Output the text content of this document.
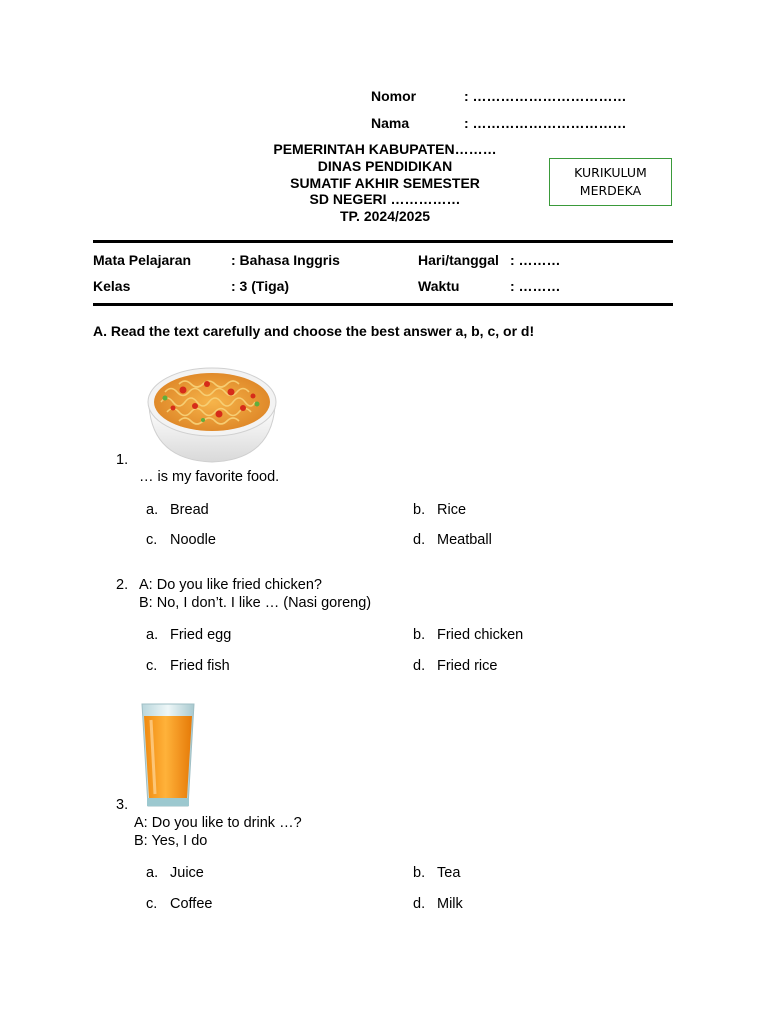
Nomor	: ……………………………
Nama	: ……………………………
PEMERINTAH KABUPATEN………
DINAS PENDIDIKAN
SUMATIF AKHIR SEMESTER
SD NEGERI ……………
TP. 2024/2025
KURIKULUM
MERDEKA
Mata Pelajaran	: Bahasa Inggris	Hari/tanggal : ………
Kelas	: 3 (Tiga)	Waktu	: ………
A. Read the text carefully and choose the best answer a, b, c, or d!
1.
… is my favorite food.
a. Bread	b. Rice
c. Noodle	d. Meatball
2. A: Do you like fried chicken?
B: No, I don’t. I like … (Nasi goreng)
a. Fried egg	b. Fried chicken
c. Fried fish	d. Fried rice
3.
A: Do you like to drink …?
B: Yes, I do
a. Juice	b. Tea
c. Coffee	d. Milk
